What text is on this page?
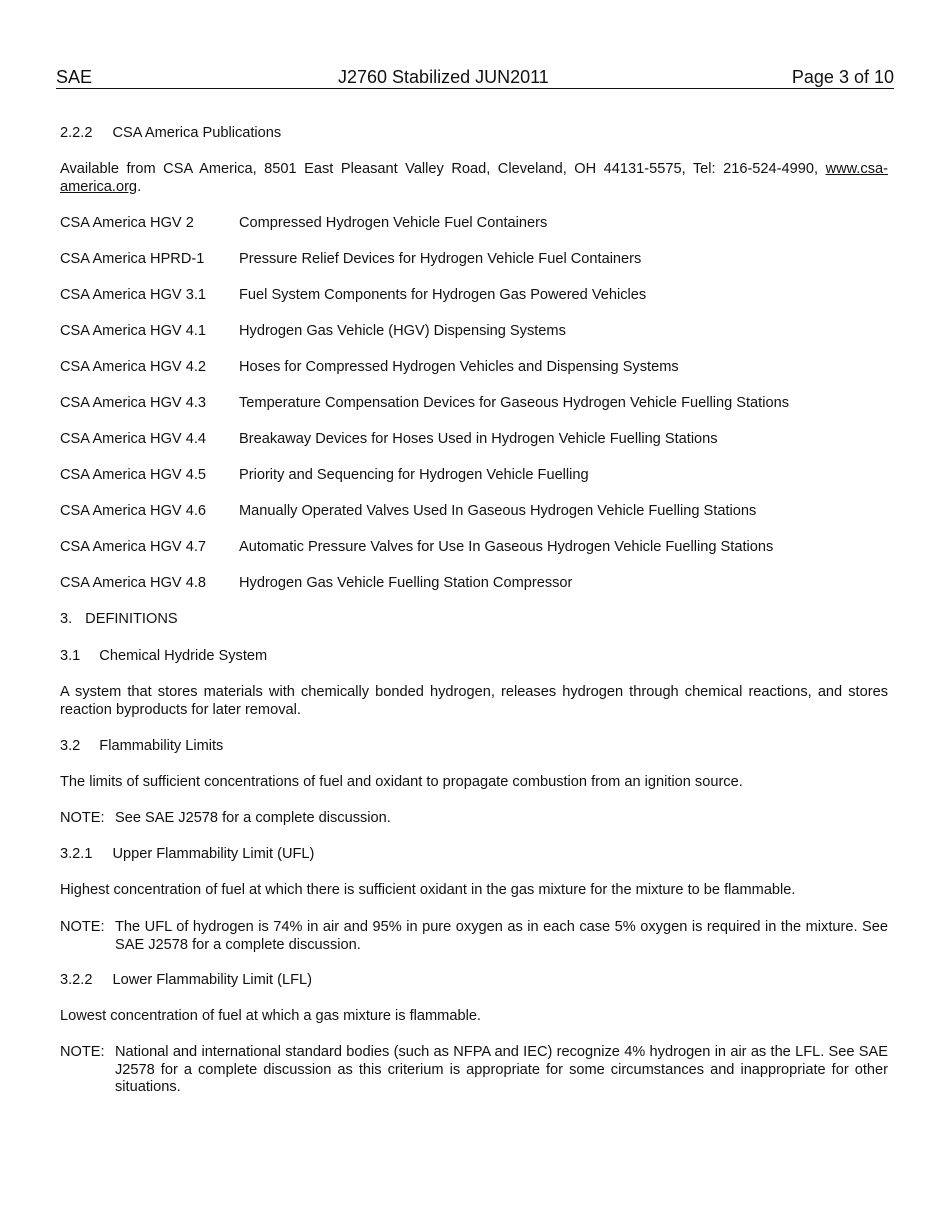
SAE	J2760 Stabilized JUN2011	Page 3 of 10
2.2.2 CSA America Publications
Available from CSA America, 8501 East Pleasant Valley Road, Cleveland, OH 44131-5575, Tel: 216-524-4990, www.csa-america.org.
CSA America HGV 2	Compressed Hydrogen Vehicle Fuel Containers
CSA America HPRD-1 Pressure Relief Devices for Hydrogen Vehicle Fuel Containers
CSA America HGV 3.1 Fuel System Components for Hydrogen Gas Powered Vehicles
CSA America HGV 4.1 Hydrogen Gas Vehicle (HGV) Dispensing Systems
CSA America HGV 4.2 Hoses for Compressed Hydrogen Vehicles and Dispensing Systems
CSA America HGV 4.3 Temperature Compensation Devices for Gaseous Hydrogen Vehicle Fuelling Stations
CSA America HGV 4.4 Breakaway Devices for Hoses Used in Hydrogen Vehicle Fuelling Stations
CSA America HGV 4.5 Priority and Sequencing for Hydrogen Vehicle Fuelling
CSA America HGV 4.6 Manually Operated Valves Used In Gaseous Hydrogen Vehicle Fuelling Stations
CSA America HGV 4.7 Automatic Pressure Valves for Use In Gaseous Hydrogen Vehicle Fuelling Stations
CSA America HGV 4.8 Hydrogen Gas Vehicle Fuelling Station Compressor
3. DEFINITIONS
3.1 Chemical Hydride System
A system that stores materials with chemically bonded hydrogen, releases hydrogen through chemical reactions, and stores reaction byproducts for later removal.
3.2 Flammability Limits
The limits of sufficient concentrations of fuel and oxidant to propagate combustion from an ignition source.
NOTE: See SAE J2578 for a complete discussion.
3.2.1 Upper Flammability Limit (UFL)
Highest concentration of fuel at which there is sufficient oxidant in the gas mixture for the mixture to be flammable.
NOTE: The UFL of hydrogen is 74% in air and 95% in pure oxygen as in each case 5% oxygen is required in the mixture. See SAE J2578 for a complete discussion.
3.2.2 Lower Flammability Limit (LFL)
Lowest concentration of fuel at which a gas mixture is flammable.
NOTE: National and international standard bodies (such as NFPA and IEC) recognize 4% hydrogen in air as the LFL. See SAE J2578 for a complete discussion as this criterium is appropriate for some circumstances and inappropriate for other situations.
